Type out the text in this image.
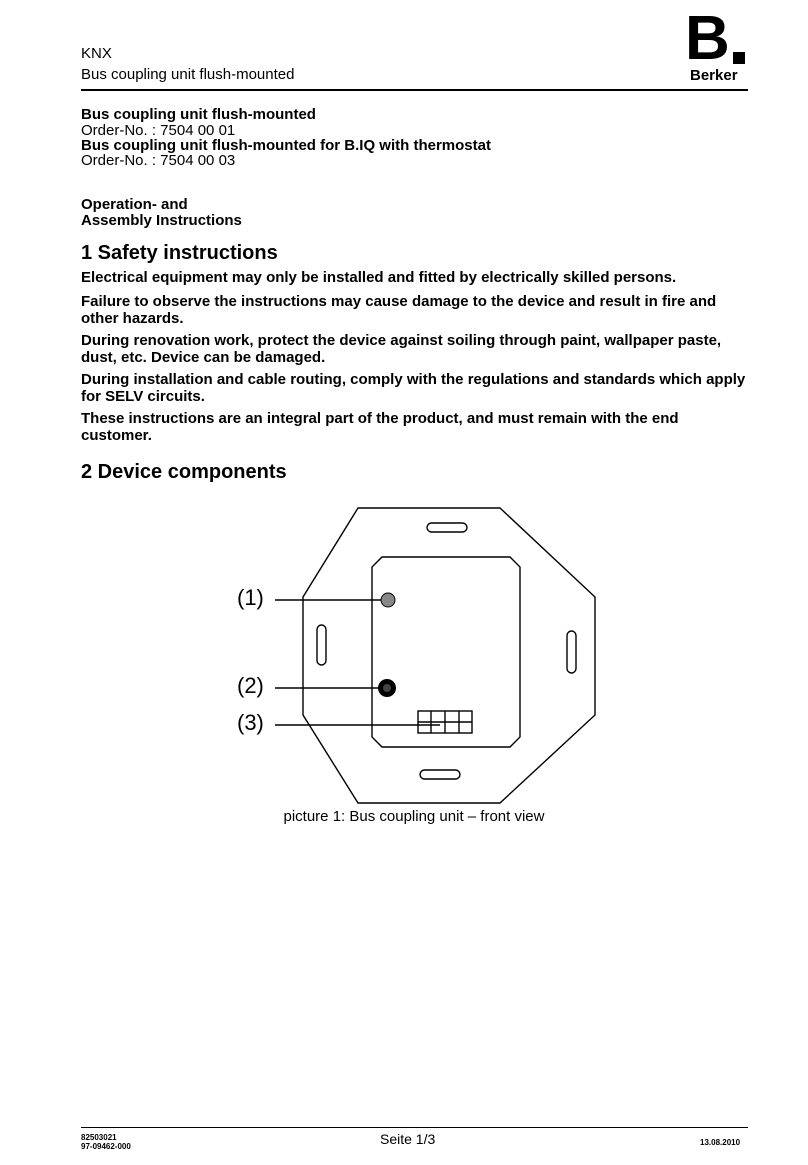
KNX
Bus coupling unit flush-mounted
B
Berker
Bus coupling unit flush-mounted
Order-No. : 7504 00 01
Bus coupling unit flush-mounted for B.IQ with thermostat
Order-No. : 7504 00 03
Operation- and
Assembly Instructions
1 Safety instructions
Electrical equipment may only be installed and fitted by electrically skilled persons.
Failure to observe the instructions may cause damage to the device and result in fire and other hazards.
During renovation work, protect the device against soiling through paint, wallpaper paste, dust, etc. Device can be damaged.
During installation and cable routing, comply with the regulations and standards which apply for SELV circuits.
These instructions are an integral part of the product, and must remain with the end customer.
2 Device components
(1)
(2)
(3)
picture 1: Bus coupling unit – front view
82503021
97-09462-000	Seite 1/3	13.08.2010
